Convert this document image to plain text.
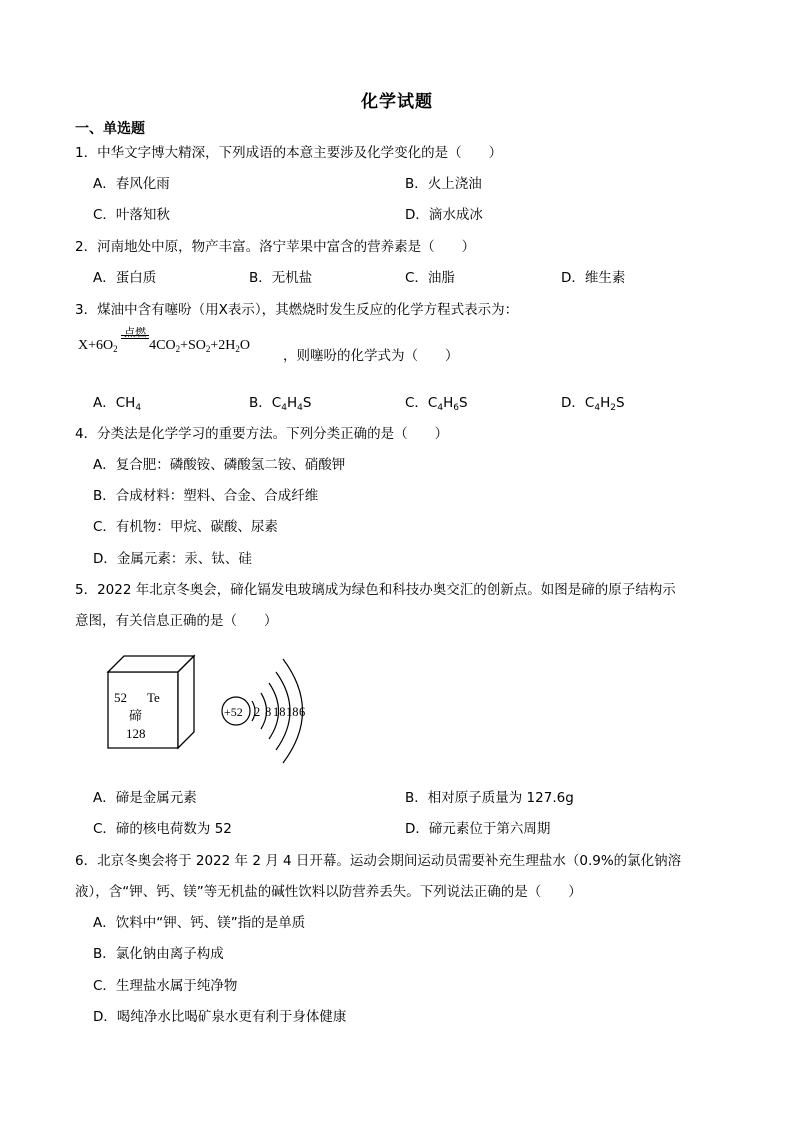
化学试题
一、单选题
1．中华文字博大精深，下列成语的本意主要涉及化学变化的是（　　）
A．春风化雨	B．火上浇油
C．叶落知秋	D．滴水成冰
2．河南地处中原，物产丰富。洛宁苹果中富含的营养素是（　　）
A．蛋白质	B．无机盐	C．油脂	D．维生素
3．煤油中含有噻吩（用X表示），其燃烧时发生反应的化学方程式表示为：
$X+6O_2$
点燃
$4CO_2+SO_2+2H_2O$
，则噻吩的化学式为（　　）
A．$CH_4$	B．$C_4H_4S$	C．$C_4H_6S$	D．$C_4H_2S$
4．分类法是化学学习的重要方法。下列分类正确的是（　　）
A．复合肥：磷酸铵、磷酸氢二铵、硝酸钾
B．合成材料：塑料、合金、合成纤维
C．有机物：甲烷、碳酸、尿素
D．金属元素：汞、钛、硅
5．2022 年北京冬奥会，碲化镉发电玻璃成为绿色和科技办奥交汇的创新点。如图是碲的原子结构示
意图，有关信息正确的是（　　）
52 Te
碲
128
+52 2 8 18 18 6
A．碲是金属元素	B．相对原子质量为 127.6g
C．碲的核电荷数为 52	D．碲元素位于第六周期
6．北京冬奥会将于 2022 年 2 月 4 日开幕。运动会期间运动员需要补充生理盐水（0.9%的氯化钠溶
液），含“钾、钙、镁”等无机盐的碱性饮料以防营养丢失。下列说法正确的是（　　）
A．饮料中“钾、钙、镁”指的是单质
B．氯化钠由离子构成
C．生理盐水属于纯净物
D．喝纯净水比喝矿泉水更有利于身体健康
